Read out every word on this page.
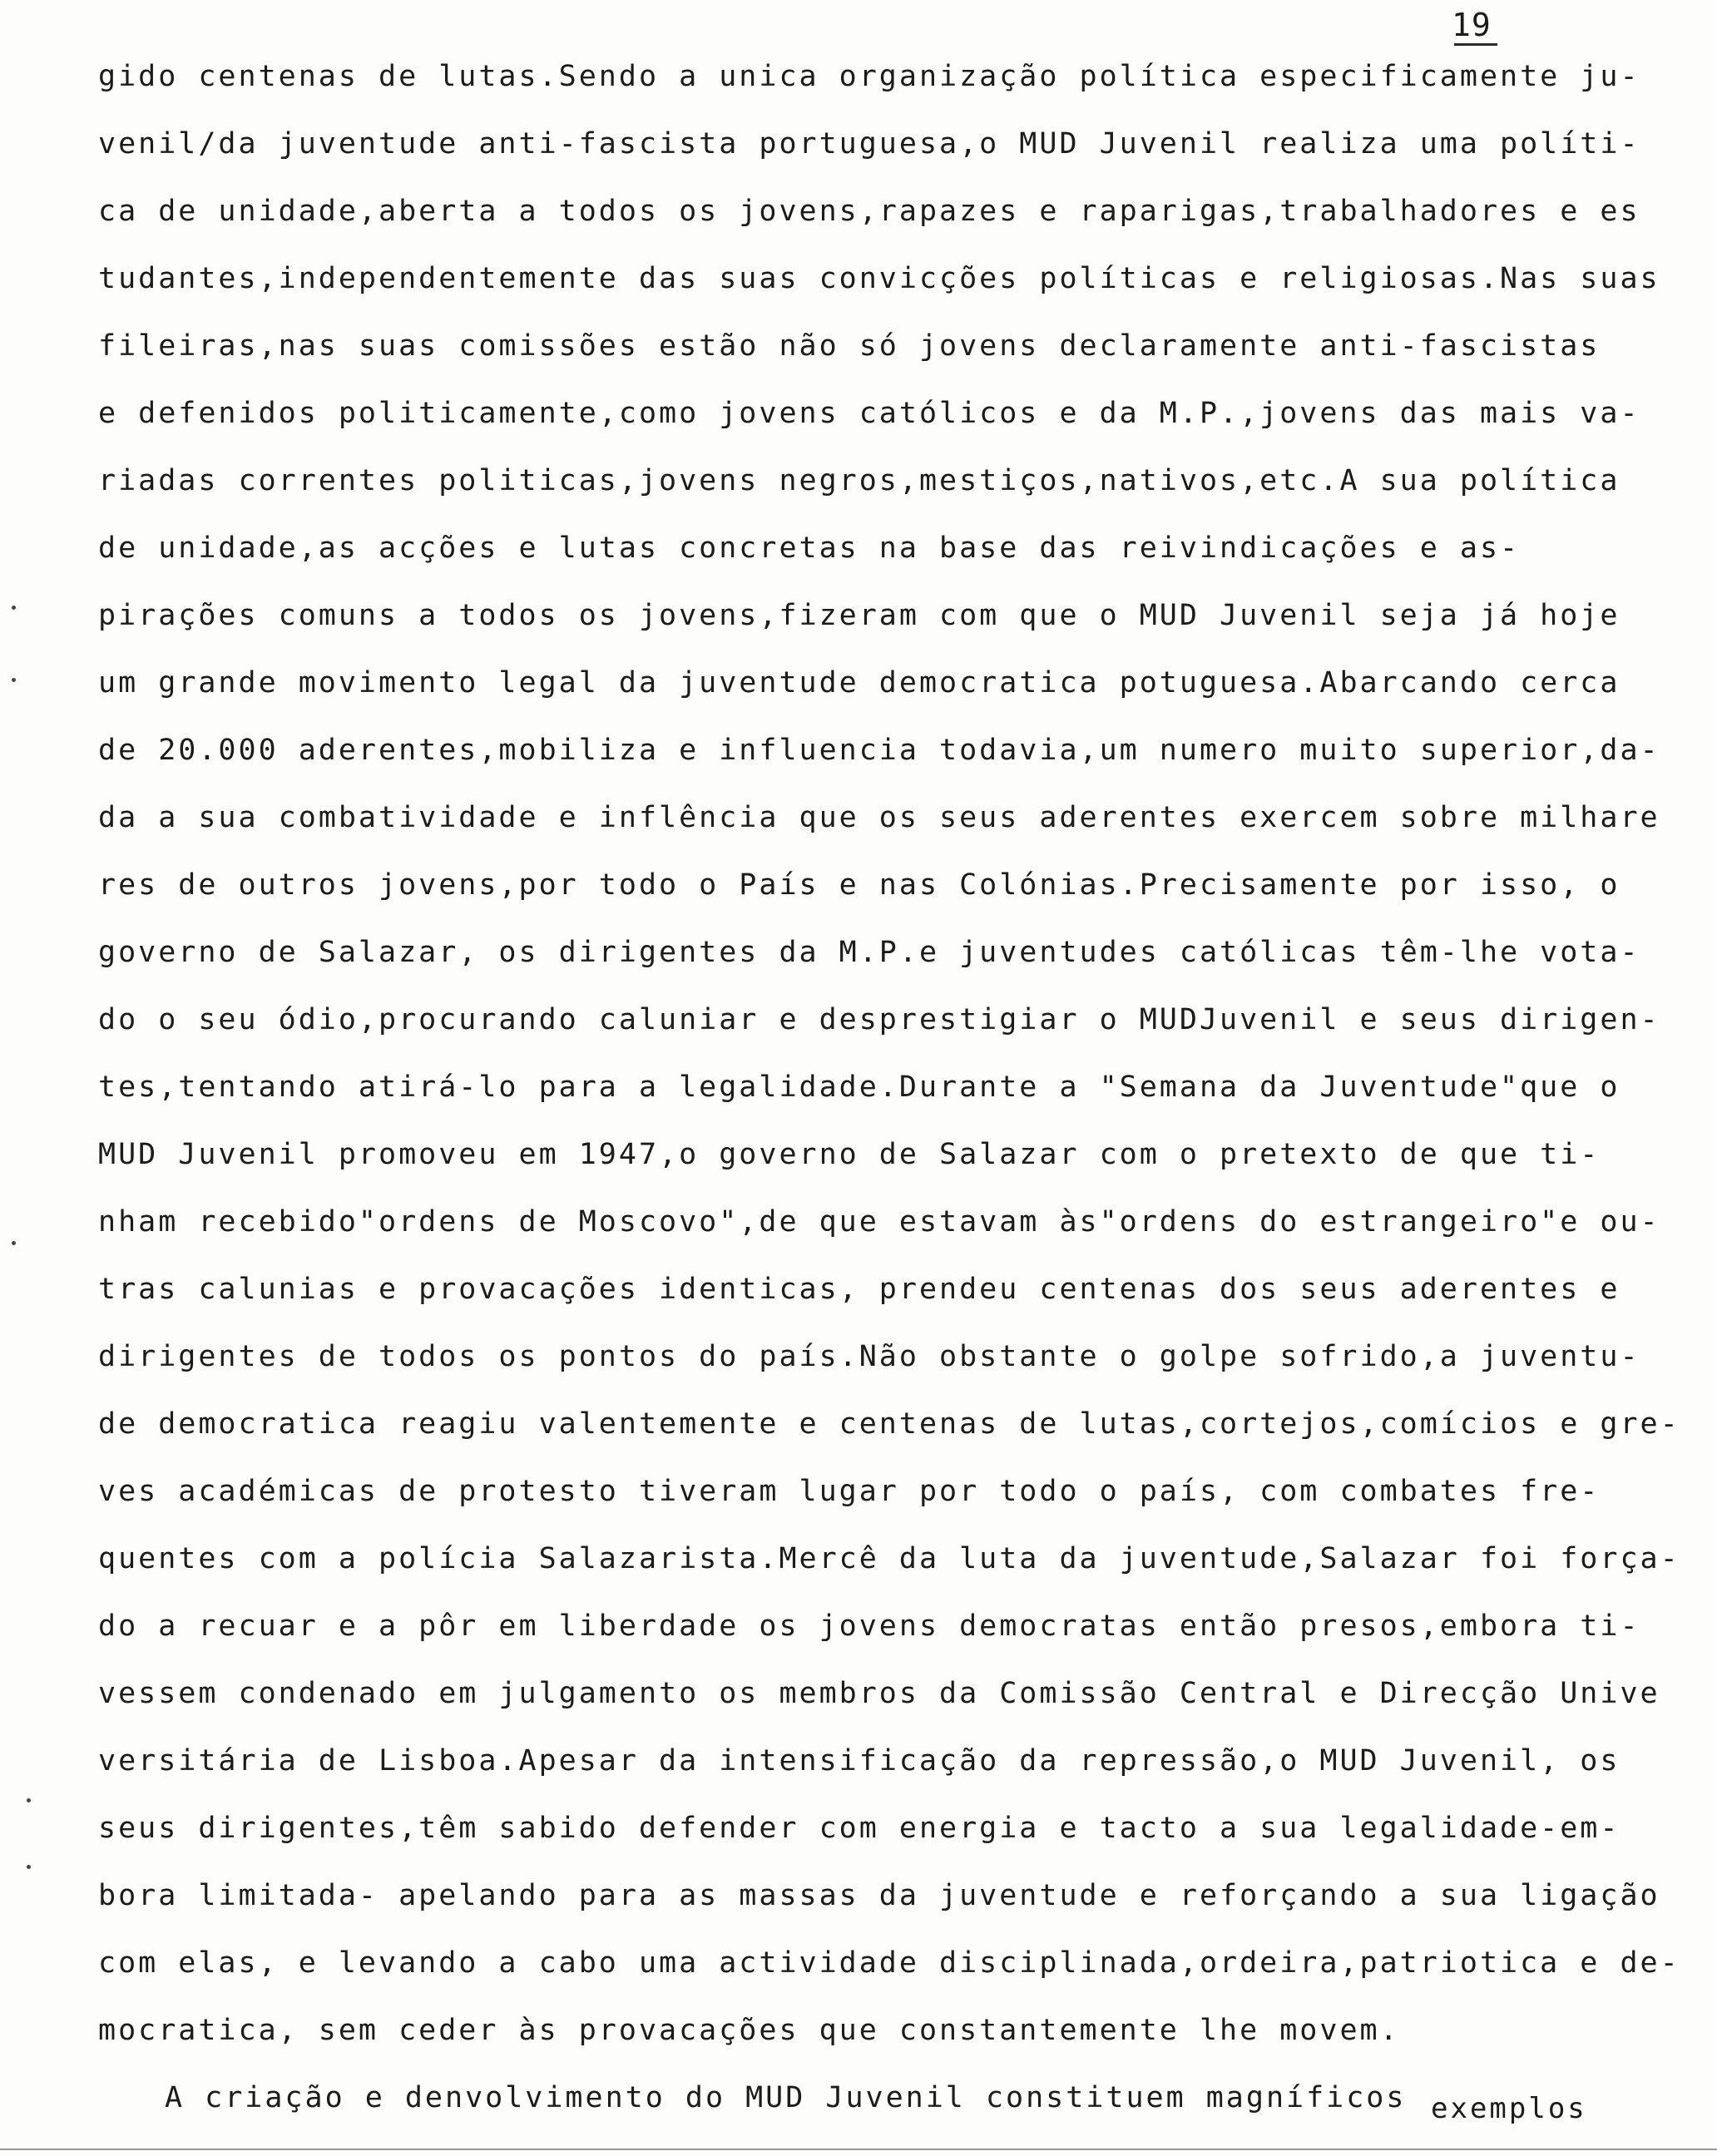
19
gido centenas de lutas.Sendo a unica organização política especificamente ju-
venil/da juventude anti-fascista portuguesa,o MUD Juvenil realiza uma políti-
ca de unidade,aberta a todos os jovens,rapazes e raparigas,trabalhadores e es
tudantes,independentemente das suas convicções políticas e religiosas.Nas suas
fileiras,nas suas comissões estão não só jovens declaramente anti-fascistas
e defenidos politicamente,como jovens católicos e da M.P.,jovens das mais va-
riadas correntes politicas,jovens negros,mestiços,nativos,etc.A sua política
de unidade,as acções e lutas concretas na base das reivindicações e as-
pirações comuns a todos os jovens,fizeram com que o MUD Juvenil seja já hoje
um grande movimento legal da juventude democratica potuguesa.Abarcando cerca
de 20.000 aderentes,mobiliza e influencia todavia,um numero muito superior,da-
da a sua combatividade e inflência que os seus aderentes exercem sobre milhare
res de outros jovens,por todo o País e nas Colónias.Precisamente por isso, o
governo de Salazar, os dirigentes da M.P.e juventudes católicas têm-lhe vota-
do o seu ódio,procurando caluniar e desprestigiar o MUDJuvenil e seus dirigen-
tes,tentando atirá-lo para a legalidade.Durante a "Semana da Juventude"que o
MUD Juvenil promoveu em 1947,o governo de Salazar com o pretexto de que ti-
nham recebido"ordens de Moscovo",de que estavam às"ordens do estrangeiro"e ou-
tras calunias e provacações identicas, prendeu centenas dos seus aderentes e
dirigentes de todos os pontos do país.Não obstante o golpe sofrido,a juventu-
de democratica reagiu valentemente e centenas de lutas,cortejos,comícios e gre-
ves académicas de protesto tiveram lugar por todo o país, com combates fre-
quentes com a polícia Salazarista.Mercê da luta da juventude,Salazar foi força-
do a recuar e a pôr em liberdade os jovens democratas então presos,embora ti-
vessem condenado em julgamento os membros da Comissão Central e Direcção Unive
versitária de Lisboa.Apesar da intensificação da repressão,o MUD Juvenil, os
seus dirigentes,têm sabido defender com energia e tacto a sua legalidade-em-
bora limitada- apelando para as massas da juventude e reforçando a sua ligação
com elas, e levando a cabo uma actividade disciplinada,ordeira,patriotica e de-
mocratica, sem ceder às provacações que constantemente lhe movem.
A criação e denvolvimento do MUD Juvenil constituem magníficos exemplos
